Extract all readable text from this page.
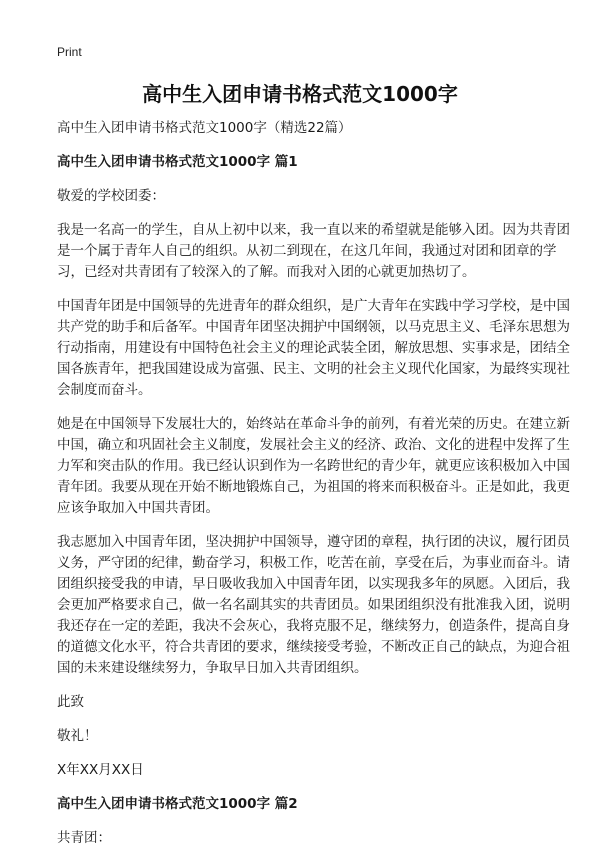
Print
高中生入团申请书格式范文1000字

高中生入团申请书格式范文1000字（精选22篇）

高中生入团申请书格式范文1000字 篇1

敬爱的学校团委：

我是一名高一的学生，自从上初中以来，我一直以来的希望就是能够入团。因为共青团是一个属于青年人自己的组织。从初二到现在，在这几年间，我通过对团和团章的学习，已经对共青团有了较深入的了解。而我对入团的心就更加热切了。

中国青年团是中国领导的先进青年的群众组织，是广大青年在实践中学习学校，是中国共产党的助手和后备军。中国青年团坚决拥护中国纲领，以马克思主义、毛泽东思想为行动指南，用建设有中国特色社会主义的理论武装全团，解放思想、实事求是，团结全国各族青年，把我国建设成为富强、民主、文明的社会主义现代化国家，为最终实现社会制度而奋斗。

她是在中国领导下发展壮大的，始终站在革命斗争的前列，有着光荣的历史。在建立新中国，确立和巩固社会主义制度，发展社会主义的经济、政治、文化的进程中发挥了生力军和突击队的作用。我已经认识到作为一名跨世纪的青少年，就更应该积极加入中国青年团。我要从现在开始不断地锻炼自己，为祖国的将来而积极奋斗。正是如此，我更应该争取加入中国共青团。

我志愿加入中国青年团，坚决拥护中国领导，遵守团的章程，执行团的决议，履行团员义务，严守团的纪律，勤奋学习，积极工作，吃苦在前，享受在后，为事业而奋斗。请团组织接受我的申请，早日吸收我加入中国青年团，以实现我多年的夙愿。入团后，我会更加严格要求自己，做一名名副其实的共青团员。如果团组织没有批准我入团，说明我还存在一定的差距，我决不会灰心，我将克服不足，继续努力，创造条件，提高自身的道德文化水平，符合共青团的要求，继续接受考验，不断改正自己的缺点，为迎合祖国的未来建设继续努力，争取早日加入共青团组织。

此致

敬礼！

X年XX月XX日

高中生入团申请书格式范文1000字 篇2

共青团：
